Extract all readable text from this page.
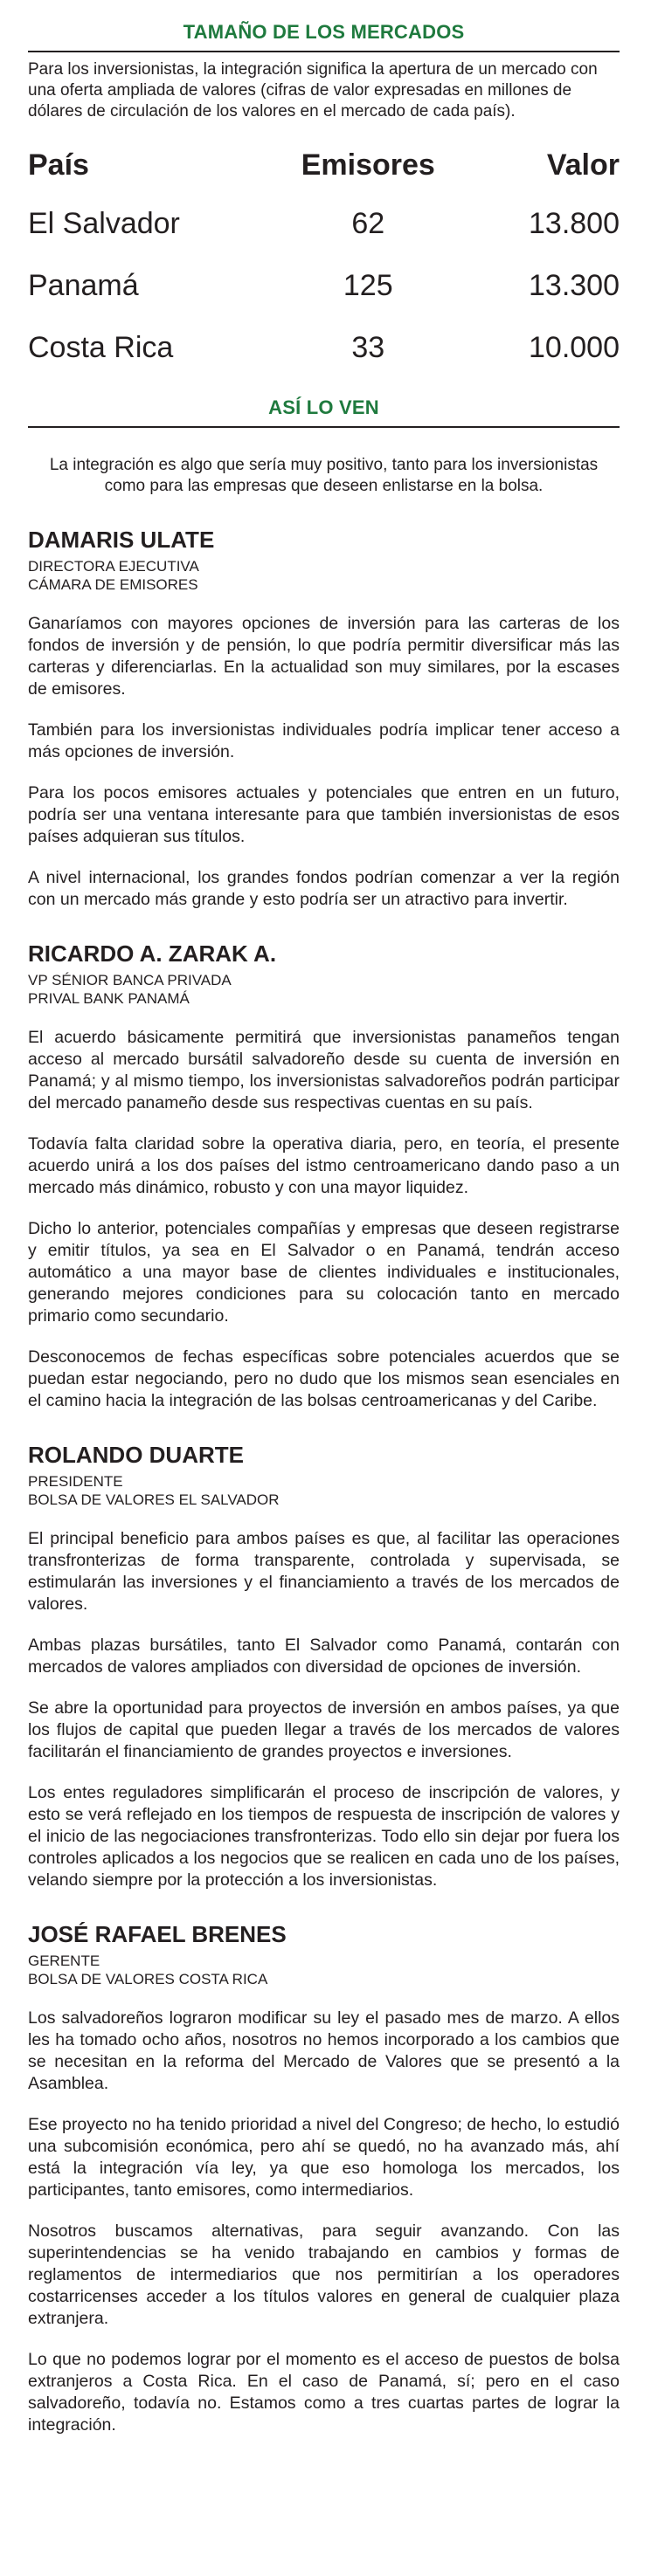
TAMAÑO DE LOS MERCADOS

Para los inversionistas, la integración significa la apertura de un mercado con una oferta ampliada de valores (cifras de valor expresadas en millones de dólares de circulación de los valores en el mercado de cada país).

País	Emisores	Valor
El Salvador	62	13.800
Panamá	125	13.300
Costa Rica	33	10.000
ASÍ LO VEN

La integración es algo que sería muy positivo, tanto para los inversionistas como para las empresas que deseen enlistarse en la bolsa.

DAMARIS ULATE
DIRECTORA EJECUTIVA
CÁMARA DE EMISORES

Ganaríamos con mayores opciones de inversión para las carteras de los fondos de inversión y de pensión, lo que podría permitir diversificar más las carteras y diferenciarlas. En la actualidad son muy similares, por la escases de emisores.

También para los inversionistas individuales podría implicar tener acceso a más opciones de inversión.

Para los pocos emisores actuales y potenciales que entren en un futuro, podría ser una ventana interesante para que también inversionistas de esos países adquieran sus títulos.

A nivel internacional, los grandes fondos podrían comenzar a ver la región con un mercado más grande y esto podría ser un atractivo para invertir.

RICARDO A. ZARAK A.
VP SÉNIOR BANCA PRIVADA
PRIVAL BANK PANAMÁ

El acuerdo básicamente permitirá que inversionistas panameños tengan acceso al mercado bursátil salvadoreño desde su cuenta de inversión en Panamá; y al mismo tiempo, los inversionistas salvadoreños podrán participar del mercado panameño desde sus respectivas cuentas en su país.

Todavía falta claridad sobre la operativa diaria, pero, en teoría, el presente acuerdo unirá a los dos países del istmo centroamericano dando paso a un mercado más dinámico, robusto y con una mayor liquidez.

Dicho lo anterior, potenciales compañías y empresas que deseen registrarse y emitir títulos, ya sea en El Salvador o en Panamá, tendrán acceso automático a una mayor base de clientes individuales e institucionales, generando mejores condiciones para su colocación tanto en mercado primario como secundario.

Desconocemos de fechas específicas sobre potenciales acuerdos que se puedan estar negociando, pero no dudo que los mismos sean esenciales en el camino hacia la integración de las bolsas centroamericanas y del Caribe.

ROLANDO DUARTE
PRESIDENTE
BOLSA DE VALORES EL SALVADOR

El principal beneficio para ambos países es que, al facilitar las operaciones transfronterizas de forma transparente, controlada y supervisada, se estimularán las inversiones y el financiamiento a través de los mercados de valores.

Ambas plazas bursátiles, tanto El Salvador como Panamá, contarán con mercados de valores ampliados con diversidad de opciones de inversión.

Se abre la oportunidad para proyectos de inversión en ambos países, ya que los flujos de capital que pueden llegar a través de los mercados de valores facilitarán el financiamiento de grandes proyectos e inversiones.

Los entes reguladores simplificarán el proceso de inscripción de valores, y esto se verá reflejado en los tiempos de respuesta de inscripción de valores y el inicio de las negociaciones transfronterizas. Todo ello sin dejar por fuera los controles aplicados a los negocios que se realicen en cada uno de los países, velando siempre por la protección a los inversionistas.

JOSÉ RAFAEL BRENES
GERENTE
BOLSA DE VALORES COSTA RICA

Los salvadoreños lograron modificar su ley el pasado mes de marzo. A ellos les ha tomado ocho años, nosotros no hemos incorporado a los cambios que se necesitan en la reforma del Mercado de Valores que se presentó a la Asamblea.

Ese proyecto no ha tenido prioridad a nivel del Congreso; de hecho, lo estudió una subcomisión económica, pero ahí se quedó, no ha avanzado más, ahí está la integración vía ley, ya que eso homologa los mercados, los participantes, tanto emisores, como intermediarios.

Nosotros buscamos alternativas, para seguir avanzando. Con las superintendencias se ha venido trabajando en cambios y formas de reglamentos de intermediarios que nos permitirían a los operadores costarricenses acceder a los títulos valores en general de cualquier plaza extranjera.

Lo que no podemos lograr por el momento es el acceso de puestos de bolsa extranjeros a Costa Rica. En el caso de Panamá, sí; pero en el caso salvadoreño, todavía no. Estamos como a tres cuartas partes de lograr la integración.
